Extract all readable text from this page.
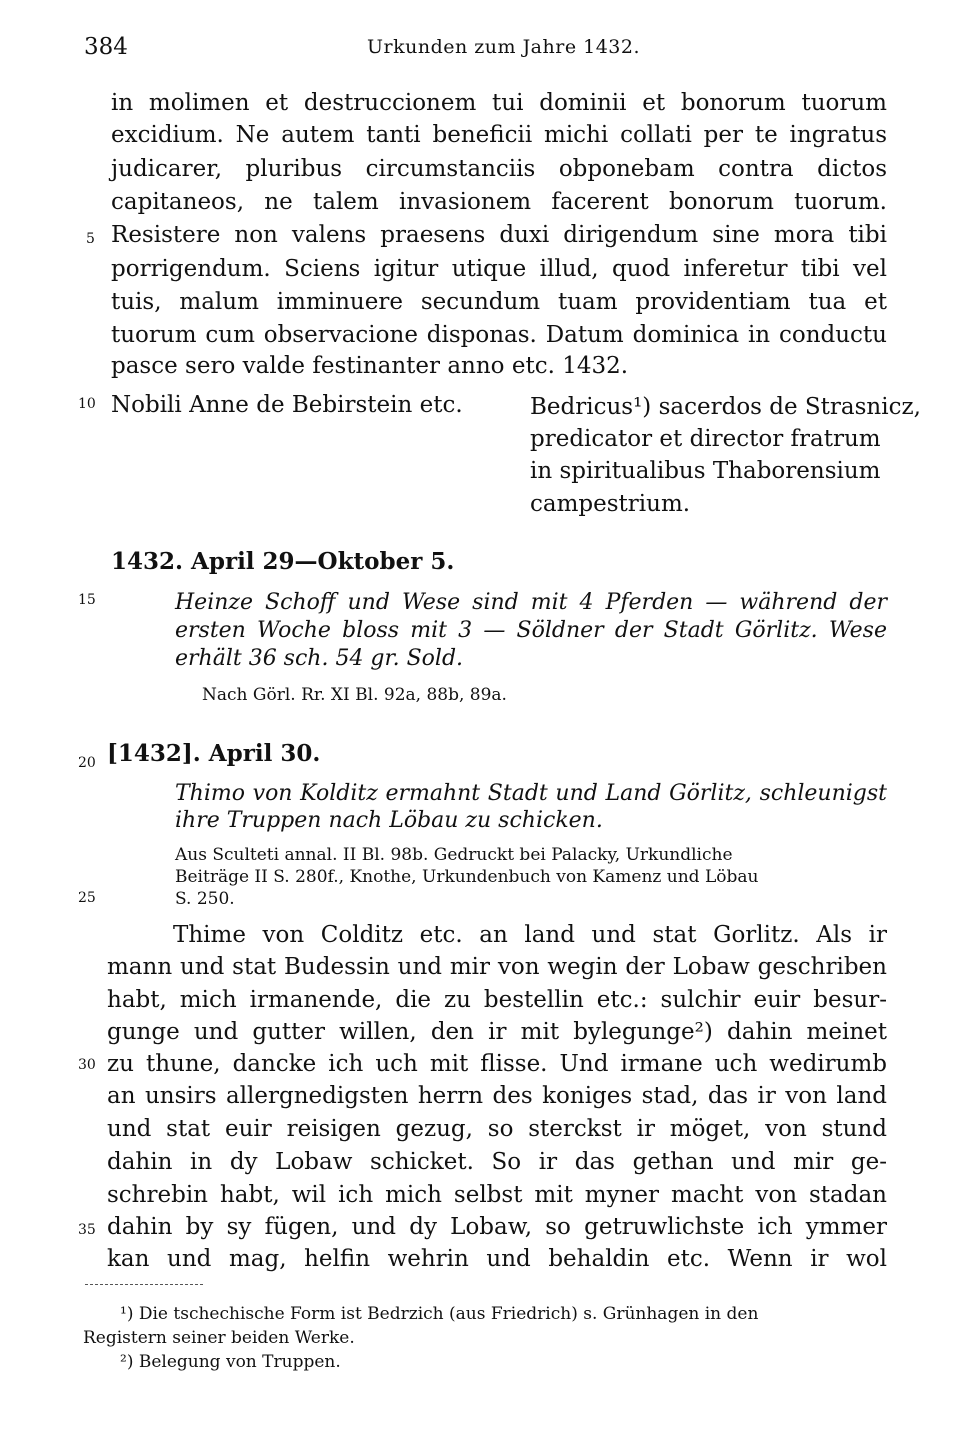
384	Urkunden zum Jahre 1432.
in molimen et destruccionem tui dominii et bonorum tuorum
excidium. Ne autem tanti beneficii michi collati per te ingratus
judicarer, pluribus circumstanciis obponebam contra dictos
capitaneos, ne talem invasionem facerent bonorum tuorum.
Resistere non valens praesens duxi dirigendum sine mora tibi
porrigendum. Sciens igitur utique illud, quod inferetur tibi vel
tuis, malum imminuere secundum tuam providentiam tua et
tuorum cum observacione disponas. Datum dominica in conductu
pasce sero valde festinanter anno etc. 1432.
Nobili Anne de Bebirstein etc.	Bedricus¹) sacerdos de Strasnicz,
predicator et director fratrum
in spiritualibus Thaborensium
campestrium.
5
10
15
20
25
30
35
1432. April 29—Oktober 5.
Heinze Schoff und Wese sind mit 4 Pferden — während der
ersten Woche bloss mit 3 — Söldner der Stadt Görlitz. Wese
erhält 36 sch. 54 gr. Sold.
Nach Görl. Rr. XI Bl. 92a, 88b, 89a.
[1432]. April 30.
Thimo von Kolditz ermahnt Stadt und Land Görlitz, schleunigst
ihre Truppen nach Löbau zu schicken.
Aus Sculteti annal. II Bl. 98b. Gedruckt bei Palacky, Urkundliche
Beiträge II S. 280f., Knothe, Urkundenbuch von Kamenz und Löbau
S. 250.
Thime von Colditz etc. an land und stat Gorlitz. Als ir
mann und stat Budessin und mir von wegin der Lobaw geschriben
habt, mich irmanende, die zu bestellin etc.: sulchir euir besur-
gunge und gutter willen, den ir mit bylegunge²) dahin meinet
zu thune, dancke ich uch mit flisse. Und irmane uch wedirumb
an unsirs allergnedigsten herrn des koniges stad, das ir von land
und stat euir reisigen gezug, so sterckst ir möget, von stund
dahin in dy Lobaw schicket. So ir das gethan und mir ge-
schrebin habt, wil ich mich selbst mit myner macht von stadan
dahin by sy fügen, und dy Lobaw, so getruwlichste ich ymmer
kan und mag, helfin wehrin und behaldin etc. Wenn ir wol
¹) Die tschechische Form ist Bedrzich (aus Friedrich) s. Grünhagen in den
Registern seiner beiden Werke.
²) Belegung von Truppen.
